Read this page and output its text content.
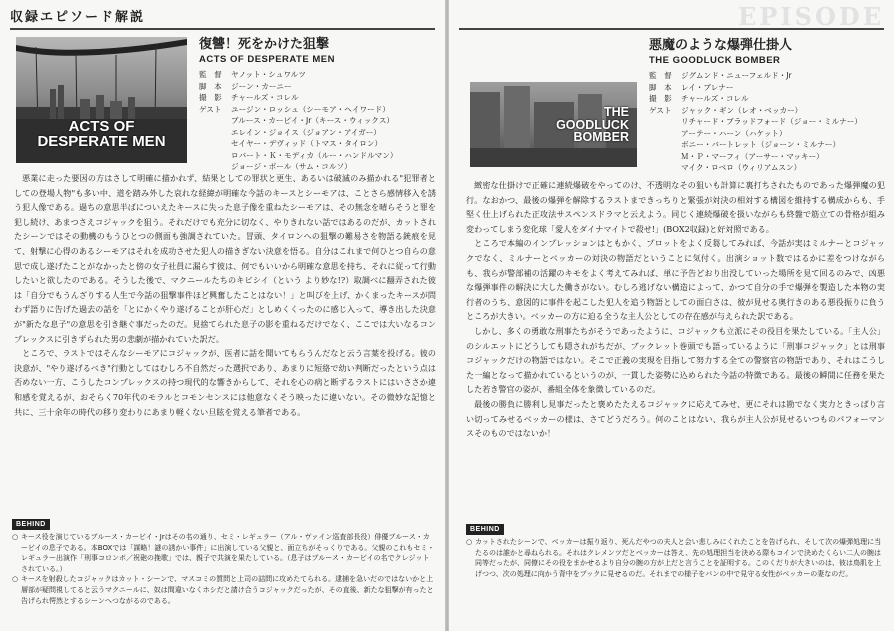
収録エピソード解説
ACTS OF
DESPERATE MEN
復讐！死をかけた狙撃
ACTS OF DESPERATE MEN
監　督	ヤノット・シュワルツ
脚　本	ジーン・カーニー
撮　影	チャールズ・コレル
ゲスト	ユージン・ロッシュ（シーモア・ヘイワード）
ブルース・カービイ・Jr（キース・ウィックス）
エレイン・ジョイス（ジョアン・アイガー）
セイヤー・デヴィッド（トマス・タイロン）
ロバート・Ｋ・モディカ（ルー・ハンドルマン）
ジョージ・ポール（サム・コルソ）

悪業に走った要因の方はさして明確に描かれず、結果としての罪状と更生、あるいは破滅のみ描かれる"犯罪者としての登場人物"も多い中、道を踏み外した哀れな経緯が明確な今話のキースとシーモアは、ことさら感情移入を誘う犯人像である。過ちの意思半ばについえたキースに失った息子像を重ねたシーモアは、その無念を晴らそうと罪を犯し続け、あまつさえコジャックを狙う。それだけでも充分に切なく、やりきれない話ではあるのだが、カットされたシーンではその動機のもうひとつの側面も強調されていた。冒頭、タイロンへの狙撃の難易さを物語る銃痕を見て、射撃に心得のあるシーモアはそれを成功させた犯人の描きぎない決意を悟る。自分はこれまで何ひとつ自らの意思で成し遂げたことがなかったと傍の女子社員に漏らす彼は、何でもいいから明確な意思を持ち、それに従って行動したいと欲したのである。そうした後で、マクニールたちのキビシイ（という より妙な!?）取調べに翻弄された彼は「自分でもうんざりする人生で今話の狙撃事件ほど興奮したことはない！」と叫びを上げ、かくまったキースが問わず語りに告げた過去の話を「とにかくやり遂げることが肝心だ」としめくくったのに感じ入って、導き出した決意が"新たな息子"の意思を引き継ぐ事だったのだ。見捨てられた息子の影を重ねるだけでなく、ここでは大いなるコンプレックスに引きずられた男の悲劇が描かれていた訳だ。

ところで、ラストではそんなシーモアにコジャックが、医者に話を聞いてもらうんだなと云う言葉を投げる。彼の決意が、"やり遂げるべき"行動としてはむしろ不自然だった選択であり、あまりに短絡で幼い判断だったという点は否めない一方、こうしたコンプレックスの持つ現代的な響きからして、それを心の病と断ずるラストにはいささか違和感を覚えるが、おそらく70年代のモラルとコモンセンスには他意なくそう映ったに違いない。その微妙な記憶と共に、三十余年の時代の移り変わりにあまり軽くない旦眩を覚える筆者である。

BEHIND

○ キース役を演じているブルース・カービイ・Jrはその名の通り、セミ・レギュラー（アル・ヴァイン巡査部長役）俳優ブルース・カービイの息子である。本BOXでは「謀略！謎の誘かい事件」に出演している父親と、面立ちがそっくりである。父親のこれもセミ・レギュラー出演作「刑事コロンボ／祝砲の挽歌」では、親子で共演を果たしている。（息子はブルース・カービイの名でクレジットされている。）

○ キースを射殺したコジャックはカット・シーンで、マスコミの質問と上司の詰問に攻めたてられる。逮捕を急いだのではないかと上層部が疑問視してると云うマクニールに、奴は間違いなくホシだと請け合うコジャックだったが、その直後、新たな狙撃が有ったと告げられ愕然とするシーンへつながるのである。

EPISODE
悪魔のような爆弾仕掛人
THE GOODLUCK BOMBER
監　督	ジグムンド・ニューフェルド・Jr
脚　本	レイ・ブレナー
撮　影	チャールズ・コレル
ゲスト	ジャック・ギン（レオ・ベッカー）
リチャード・ブラッドフォード（ジョー・ミルナー）
アーテー・ハーン（ハケット）
ボニー・バートレット（ジョーン・ミルナー）
Ｍ・Ｐ・マーフィ（アーサー・マッキー）
マイク・ロベロ（ウィリアムスン）
THE
GOODLUCK
BOMBER

緻密な仕掛けで正確に連続爆破をやってのけ、不透明なその狙いも計算に裏打ちされたものであった爆弾魔の犯行。なおかつ、最後の爆弾を解除するラストまできっちりと緊張が対決の相対する構図を維持する構成からも、手堅く仕上げられた正攻法サスペンスドラマと云えよう。同じく連続爆破を扱いながらも終盤で筋立ての骨格が組み変わってしまう変化球「愛人をダイナマイトで殺せ!」(BOX2収録)と好対照である。

ところで本編のインプレッションはともかく、プロットをよく反芻してみれば、今話が実はミルナーとコジャックでなく、ミルナーとベッカーの対決の物語だということに気付く。出演ショット数ではるかに差をつけながらも、我らが警部補の活躍のキモをよく考えてみれば、単に予告どおり出没していった場所を見て回るのみで、凶悪な爆弾事件の解決に大した働きがない。むしろ逃げない構造によって、かつて自分の手で爆弾を製造した本物の実行者のうち、意図的に事件を起こした犯人を追う物語としての面白さは、彼が見せる奥行きのある悪役振りに負うところが大きい。ベッカーの方に迫る全うな主人公としての存在感が与えられた訳である。

しかし、多くの勇敢な刑事たちがそうであったように、コジャックも立派にその役目を果たしている。「主人公」のシルエットにどうしても隠されがちだが、ブックレット巻頭でも語っているように「刑事コジャック」とは刑事コジャックだけの物語ではない。そこで正義の実現を目指して努力する全ての警察官の物語であり、それはこうした一編となって描かれているというのが、一貫した姿勢に込められた今話の特徴である。最後の瞬間に任務を果たした若き警官の姿が、番組全体を象徴しているのだ。

最後の勝負に勝利し見事だったと褒めたたえるコジャックに応えてみせ、更にそれは勘でなく実力ときっぱり言い切ってみせるベッカーの様は、さてどうだろう。何のことはない、我らが主人公が見せるいつものパフォーマンスそのものではないか！

BEHIND

○ カットされたシーンで、ベッカーは振り返り、死んだやつの夫人と会い悲しみにくれたことを告げられ、そして次の爆弾処理に当たるのは誰かと尋ねられる。それはクレメンツだとベッカーは答え、先の処理担当を決める際もコインで決めたくらい二人の腕は同等だったが、同僚にその役をまかせるより自分の腕の方が上だと言うことを証明する。このくだりが大きいのは、彼は鳥肌を上げつつ、次の処理に向かう背中をブックに見せるのだ。それまでの様子をバンの中で見守る女性がベッカーの妻なのだ。
